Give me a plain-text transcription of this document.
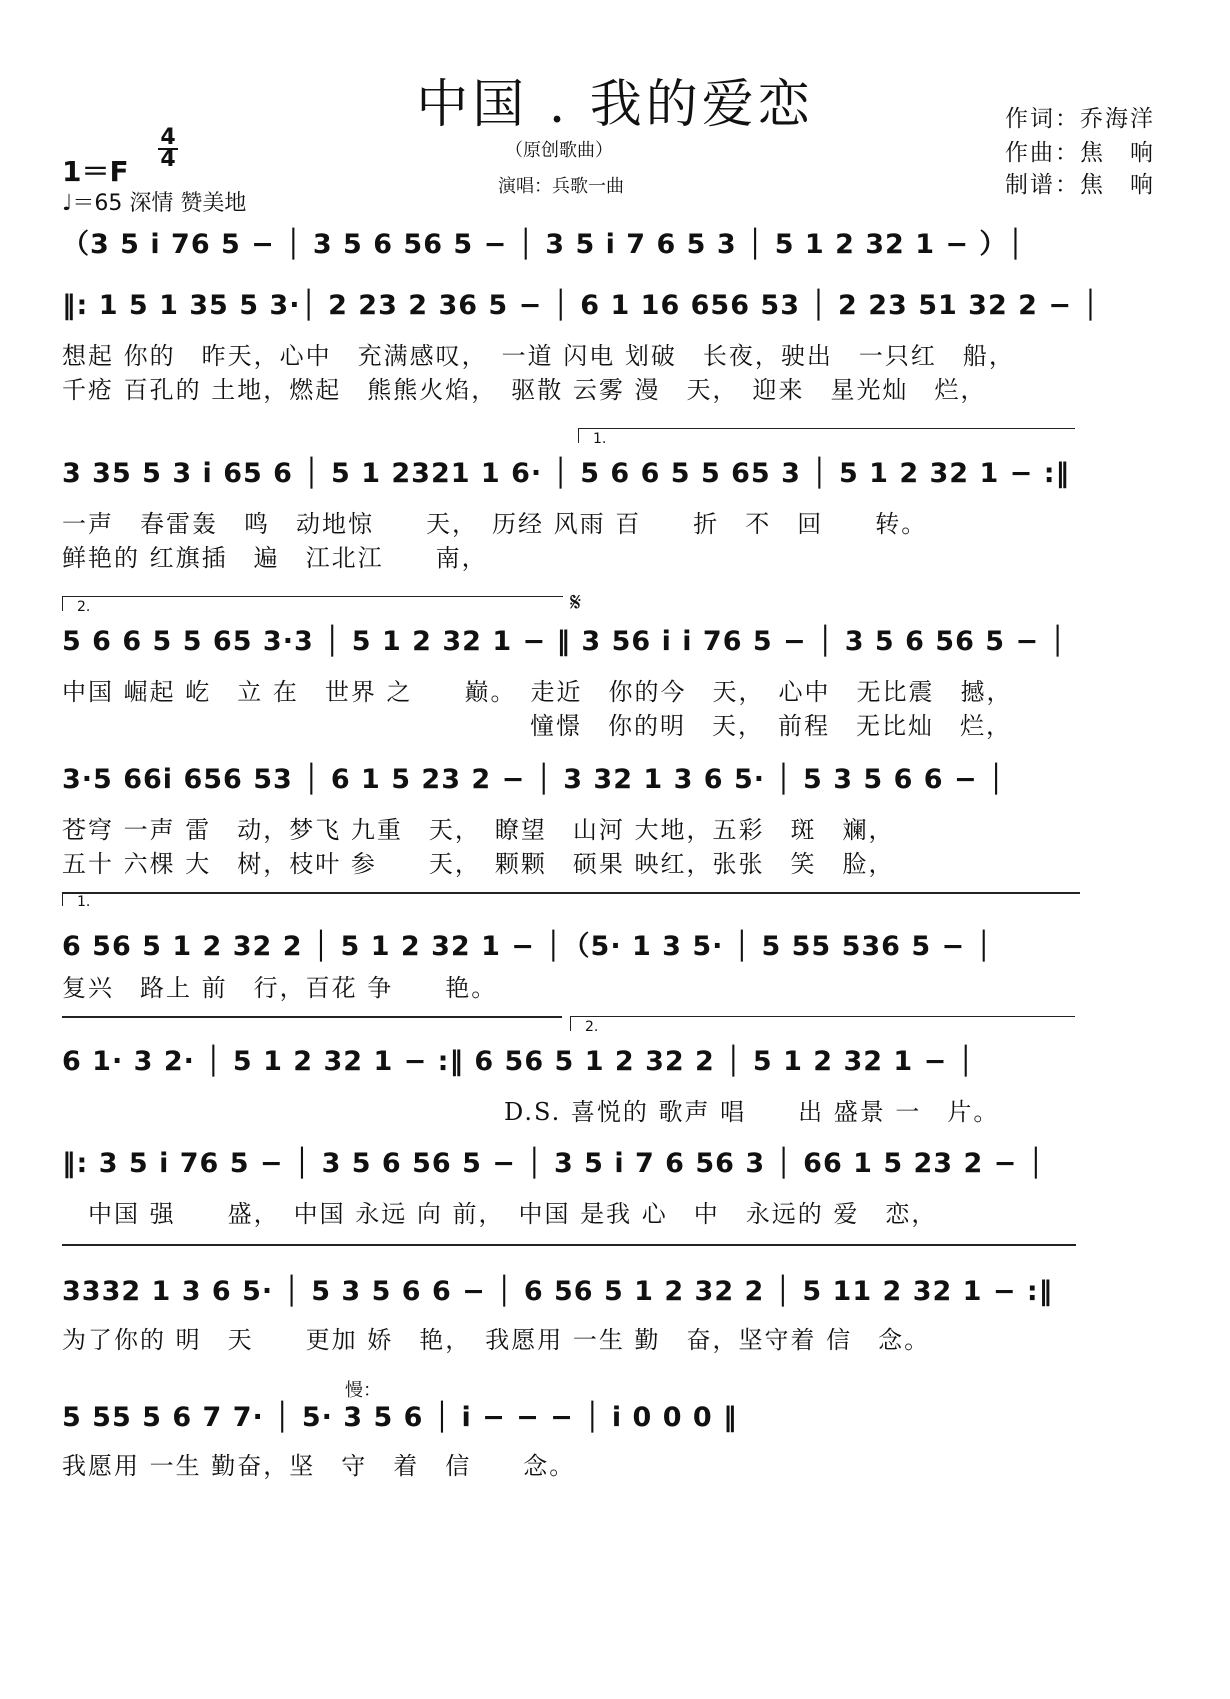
中国 . 我的爱恋
（原创歌曲）
演唱：兵歌一曲
作词：乔海洋
作曲：焦　响
制谱：焦　响
1＝F
4
4
♩＝65 深情 赞美地
（3 5 i 76 5 − │ 3 5 6 56 5 − │ 3 5 i 7 6 5 3 │ 5 1 2 32 1 − ）│
‖: 1 5 1 35 5 3·│ 2 23 2 36 5 − │ 6 1 16 656 53 │ 2 23 51 32 2 − │
想起 你的　昨天，心中　充满感叹，　一道 闪电 划破　长夜，驶出　一只红　船，
千疮 百孔的 土地，燃起　熊熊火焰，　驱散 云雾 漫　天，　迎来　星光灿　烂，
1.
3 35 5 3 i 65 6 │ 5 1 2321 1 6· │ 5 6 6 5 5 65 3 │ 5 1 2 32 1 − :‖
一声　春雷轰　鸣　动地惊　　天，　历经 风雨 百　　折　不　回　　转。
鲜艳的 红旗插　遍　江北江　　南，
2.	𝄋
5 6 6 5 5 65 3·3 │ 5 1 2 32 1 − ‖ 3 56 i i 76 5 − │ 3 5 6 56 5 − │
中国 崛起 屹　立 在　世界 之　　巅。　走近　你的今　天，　心中　无比震　撼，
　　　　　　　　　　　　　　　　　　憧憬　你的明　天，　前程　无比灿　烂，
3·5 66i 656 53 │ 6 1 5 23 2 − │ 3 32 1 3 6 5· │ 5 3 5 6 6 − │
苍穹 一声 雷　动，梦飞 九重　天，　瞭望　山河 大地，五彩　斑　斓，
五十 六棵 大　树，枝叶 参　　天，　颗颗　硕果 映红，张张　笑　脸，
1.
6 56 5 1 2 32 2 │ 5 1 2 32 1 − │（5· 1 3 5· │ 5 55 536 5 − │
复兴　路上 前　行，百花 争　　艳。
2.
6 1· 3 2· │ 5 1 2 32 1 − :‖ 6 56 5 1 2 32 2 │ 5 1 2 32 1 − │
　　　　　　　　　　　　　　　　　D.S. 喜悦的 歌声 唱　　出 盛景 一　片。
‖: 3 5 i 76 5 − │ 3 5 6 56 5 − │ 3 5 i 7 6 56 3 │ 66 1 5 23 2 − │
　中国 强　　盛，　中国 永远 向 前，　中国 是我 心　中　永远的 爱　恋，
3332 1 3 6 5· │ 5 3 5 6 6 − │ 6 56 5 1 2 32 2 │ 5 11 2 32 1 − :‖
为了你的 明　天　　更加 娇　艳，　我愿用 一生 勤　奋，坚守着 信　念。
慢：
5 55 5 6 7 7· │ 5· 3 5 6 │ i − − − │ i 0 0 0 ‖
我愿用 一生 勤奋，坚　守　着　信　　念。
